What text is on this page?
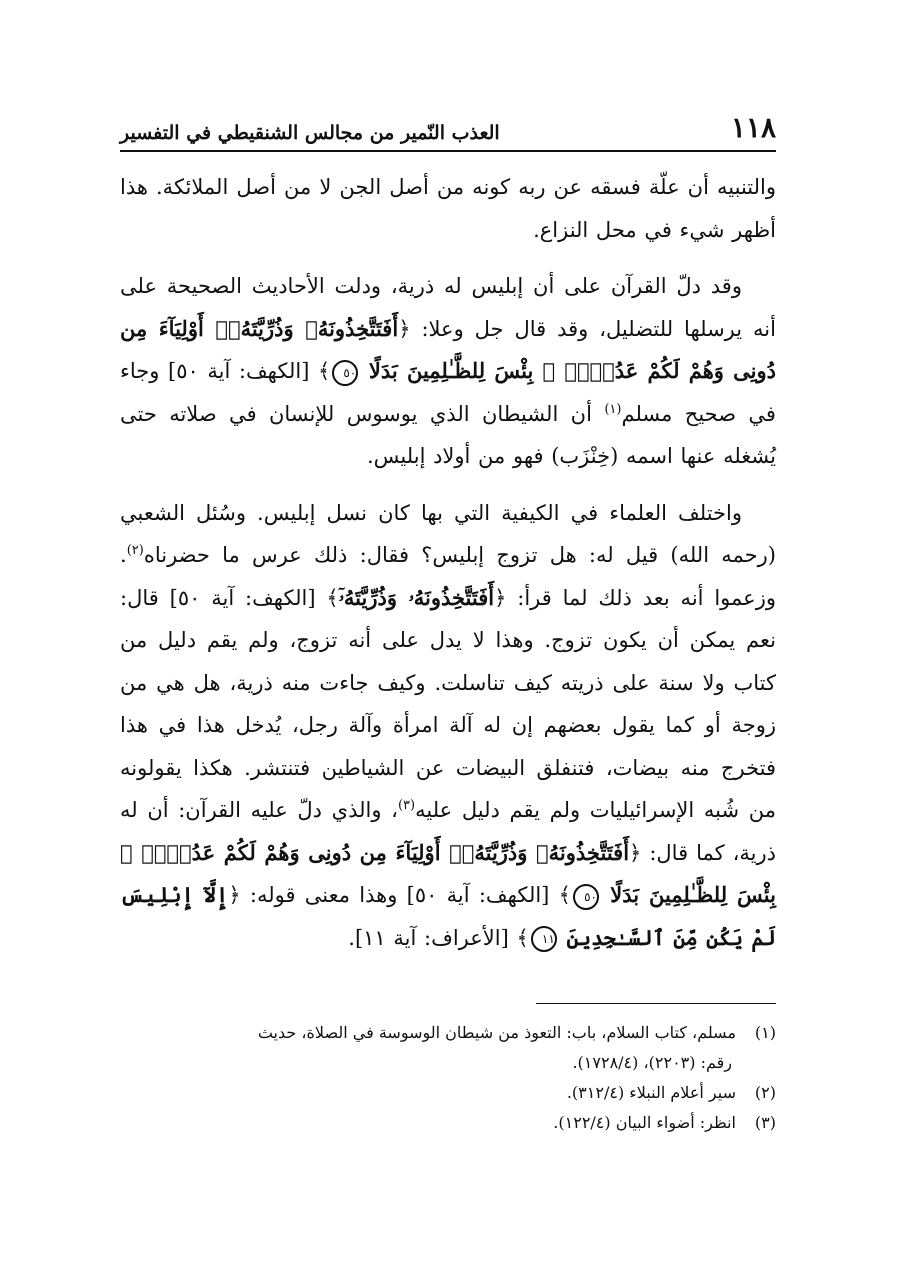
١١٨
العذب النّمير من مجالس الشنقيطي في التفسير

والتنبيه أن علّة فسقه عن ربه كونه من أصل الجن لا من أصل الملائكة. هذا أظهر شيء في محل النزاع.

وقد دلّ القرآن على أن إبليس له ذرية، ودلت الأحاديث الصحيحة على أنه يرسلها للتضليل، وقد قال جل وعلا: ﴿أَفَتَتَّخِذُونَهُۥ وَذُرِّيَّتَهُۥٓ أَوْلِيَآءَ مِن دُونِى وَهُمْ لَكُمْ عَدُوٌّۢ ۚ بِئْسَ لِلظَّـٰلِمِينَ بَدَلًا ٥٠﴾ [الكهف: آية ٥٠] وجاء في صحيح مسلم$^{(١)}$ أن الشيطان الذي يوسوس للإنسان في صلاته حتى يُشغله عنها اسمه (خِنْزَب) فهو من أولاد إبليس.

واختلف العلماء في الكيفية التي بها كان نسل إبليس. وسُئل الشعبي (رحمه الله) قيل له: هل تزوج إبليس؟ فقال: ذلك عرس ما حضرناه$^{(٢)}$. وزعموا أنه بعد ذلك لما قرأ: ﴿أَفَتَتَّخِذُونَهُۥ وَذُرِّيَّتَهُۥٓ﴾ [الكهف: آية ٥٠] قال: نعم يمكن أن يكون تزوج. وهذا لا يدل على أنه تزوج، ولم يقم دليل من كتاب ولا سنة على ذريته كيف تناسلت. وكيف جاءت منه ذرية، هل هي من زوجة أو كما يقول بعضهم إن له آلة امرأة وآلة رجل، يُدخل هذا في هذا فتخرج منه بيضات، فتنفلق البيضات عن الشياطين فتنتشر. هكذا يقولونه من شُبه الإسرائيليات ولم يقم دليل عليه$^{(٣)}$، والذي دلّ عليه القرآن: أن له ذرية، كما قال: ﴿أَفَتَتَّخِذُونَهُۥ وَذُرِّيَّتَهُۥٓ أَوْلِيَآءَ مِن دُونِى وَهُمْ لَكُمْ عَدُوٌّۢ ۚ بِئْسَ لِلظَّـٰلِمِينَ بَدَلًا ٥٠﴾ [الكهف: آية ٥٠] وهذا معنى قوله: ﴿إِلَّآ إِبْلِيسَ لَمْ يَكُن مِّنَ ٱلسَّـٰجِدِينَ ١١﴾ [الأعراف: آية ١١].

(١)مسلم، كتاب السلام، باب: التعوذ من شيطان الوسوسة في الصلاة، حديث
رقم: (٢٢٠٣)، (١٧٢٨/٤).

(٢)سير أعلام النبلاء (٣١٢/٤).

(٣)انظر: أضواء البيان (١٢٢/٤).
